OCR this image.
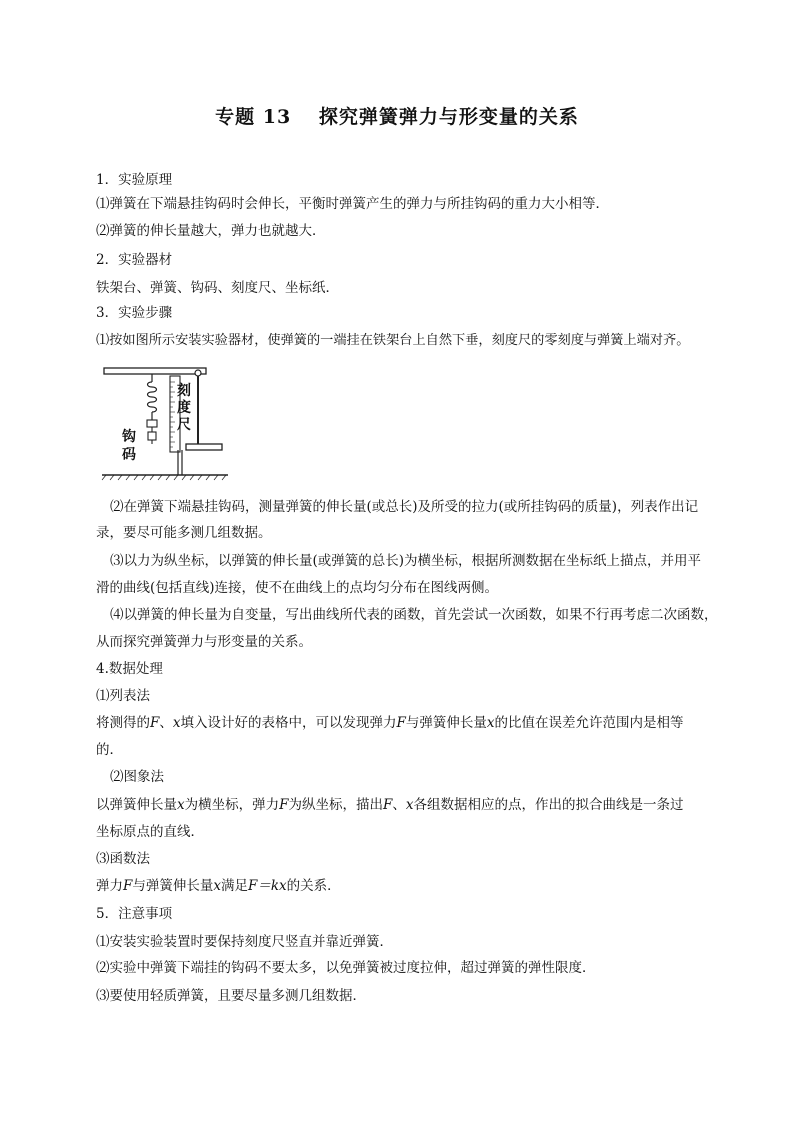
专题 13　 探究弹簧弹力与形变量的关系
1．实验原理
⑴弹簧在下端悬挂钩码时会伸长，平衡时弹簧产生的弹力与所挂钩码的重力大小相等．
⑵弹簧的伸长量越大，弹力也就越大．
2．实验器材
铁架台、弹簧、钩码、刻度尺、坐标纸．
3．实验步骤
⑴按如图所示安装实验器材，使弹簧的一端挂在铁架台上自然下垂，刻度尺的零刻度与弹簧上端对齐。
钩
码
刻
度
尺
⑵在弹簧下端悬挂钩码，测量弹簧的伸长量(或总长)及所受的拉力(或所挂钩码的质量)，列表作出记
录，要尽可能多测几组数据。
⑶以力为纵坐标，以弹簧的伸长量(或弹簧的总长)为横坐标，根据所测数据在坐标纸上描点，并用平
滑的曲线(包括直线)连接，使不在曲线上的点均匀分布在图线两侧。
⑷以弹簧的伸长量为自变量，写出曲线所代表的函数，首先尝试一次函数，如果不行再考虑二次函数，
从而探究弹簧弹力与形变量的关系。
4.数据处理
⑴列表法
将测得的F、x填入设计好的表格中，可以发现弹力F与弹簧伸长量x的比值在误差允许范围内是相等
的．
⑵图象法
以弹簧伸长量x为横坐标，弹力F为纵坐标，描出F、x各组数据相应的点，作出的拟合曲线是一条过
坐标原点的直线．
⑶函数法
弹力F与弹簧伸长量x满足F＝kx的关系．
5．注意事项
⑴安装实验装置时要保持刻度尺竖直并靠近弹簧．
⑵实验中弹簧下端挂的钩码不要太多，以免弹簧被过度拉伸，超过弹簧的弹性限度．
⑶要使用轻质弹簧，且要尽量多测几组数据．
